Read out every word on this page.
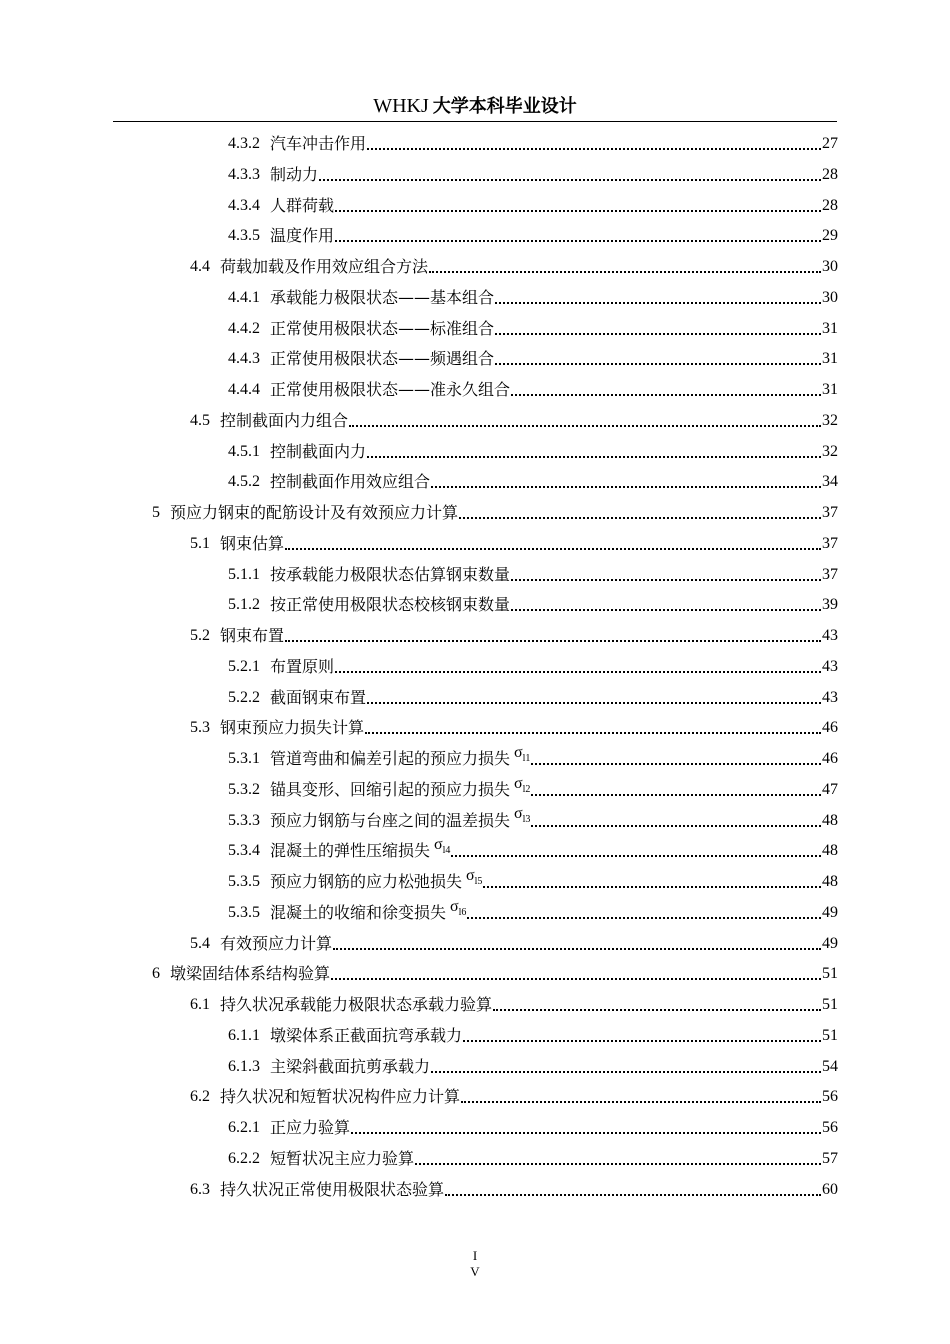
WHKJ 大学本科毕业设计
4.3.2 汽车冲击作用	27
4.3.3 制动力	28
4.3.4 人群荷载	28
4.3.5 温度作用	29
4.4 荷载加载及作用效应组合方法	30
4.4.1 承载能力极限状态——基本组合	30
4.4.2 正常使用极限状态——标准组合	31
4.4.3 正常使用极限状态——频遇组合	31
4.4.4 正常使用极限状态——准永久组合	31
4.5 控制截面内力组合	32
4.5.1 控制截面内力	32
4.5.2 控制截面作用效应组合	34
5 预应力钢束的配筋设计及有效预应力计算	37
5.1 钢束估算	37
5.1.1 按承载能力极限状态估算钢束数量	37
5.1.2 按正常使用极限状态校核钢束数量	39
5.2 钢束布置	43
5.2.1 布置原则	43
5.2.2 截面钢束布置	43
5.3 钢束预应力损失计算	46
5.3.1 管道弯曲和偏差引起的预应力损失 $\sigma_{l1}$	46
5.3.2 锚具变形、回缩引起的预应力损失 $\sigma_{l2}$	47
5.3.3 预应力钢筋与台座之间的温差损失 $\sigma_{l3}$	48
5.3.4 混凝土的弹性压缩损失 $\sigma_{l4}$	48
5.3.5 预应力钢筋的应力松弛损失 $\sigma_{l5}$	48
5.3.5 混凝土的收缩和徐变损失 $\sigma_{l6}$	49
5.4 有效预应力计算	49
6 墩梁固结体系结构验算	51
6.1 持久状况承载能力极限状态承载力验算	51
6.1.1 墩梁体系正截面抗弯承载力	51
6.1.3 主梁斜截面抗剪承载力	54
6.2 持久状况和短暂状况构件应力计算	56
6.2.1 正应力验算	56
6.2.2 短暂状况主应力验算	57
6.3 持久状况正常使用极限状态验算	60
I
V
